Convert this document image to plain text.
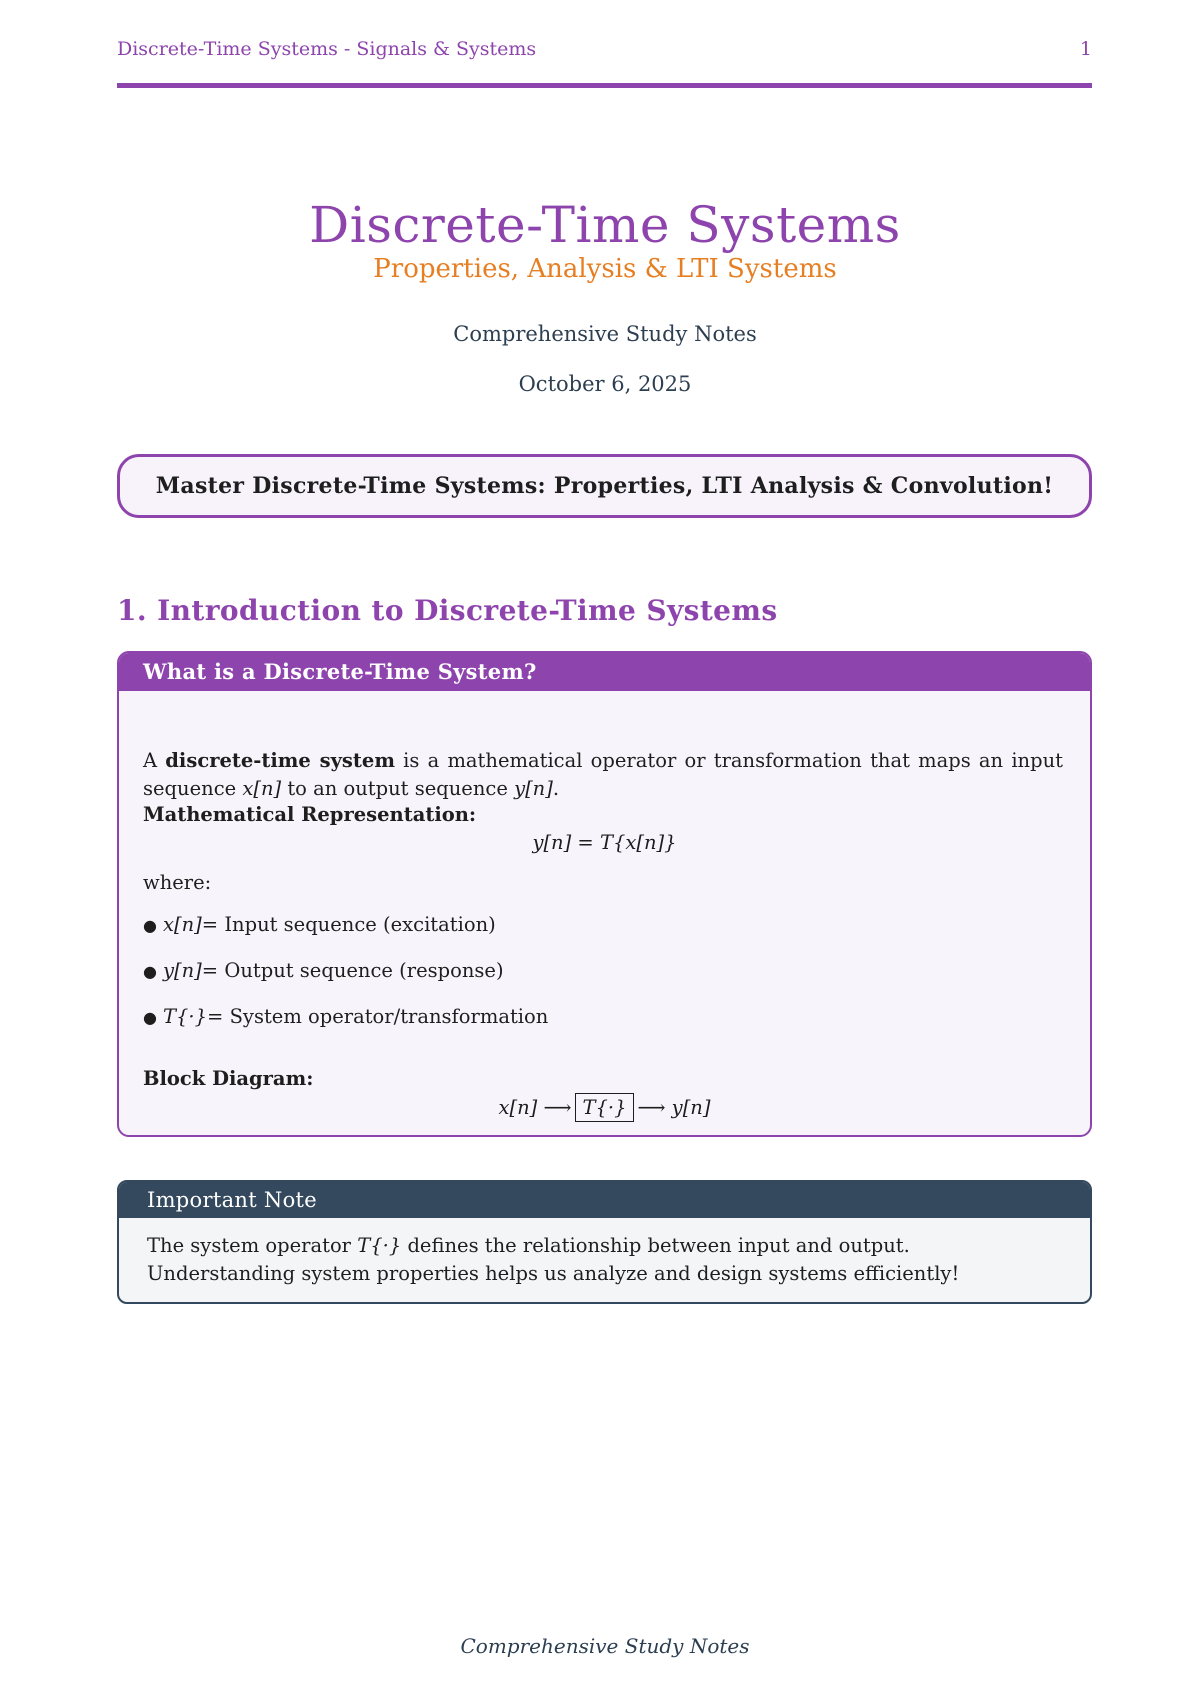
Discrete-Time Systems - Signals & Systems	1
Discrete-Time Systems
Properties, Analysis & LTI Systems
Comprehensive Study Notes
October 6, 2025
Master Discrete-Time Systems: Properties, LTI Analysis & Convolution!
1. Introduction to Discrete-Time Systems
What is a Discrete-Time System?
A discrete-time system is a mathematical operator or transformation that maps an input sequence x[n] to an output sequence y[n].
Mathematical Representation:
y[n] = T{x[n]}
where:
● x[n] = Input sequence (excitation)
● y[n] = Output sequence (response)
● T{·} = System operator/transformation
Block Diagram:
x[n] ⟶ T{·} ⟶ y[n]
Important Note
The system operator T{·} defines the relationship between input and output. Understanding system properties helps us analyze and design systems efficiently!
Comprehensive Study Notes
